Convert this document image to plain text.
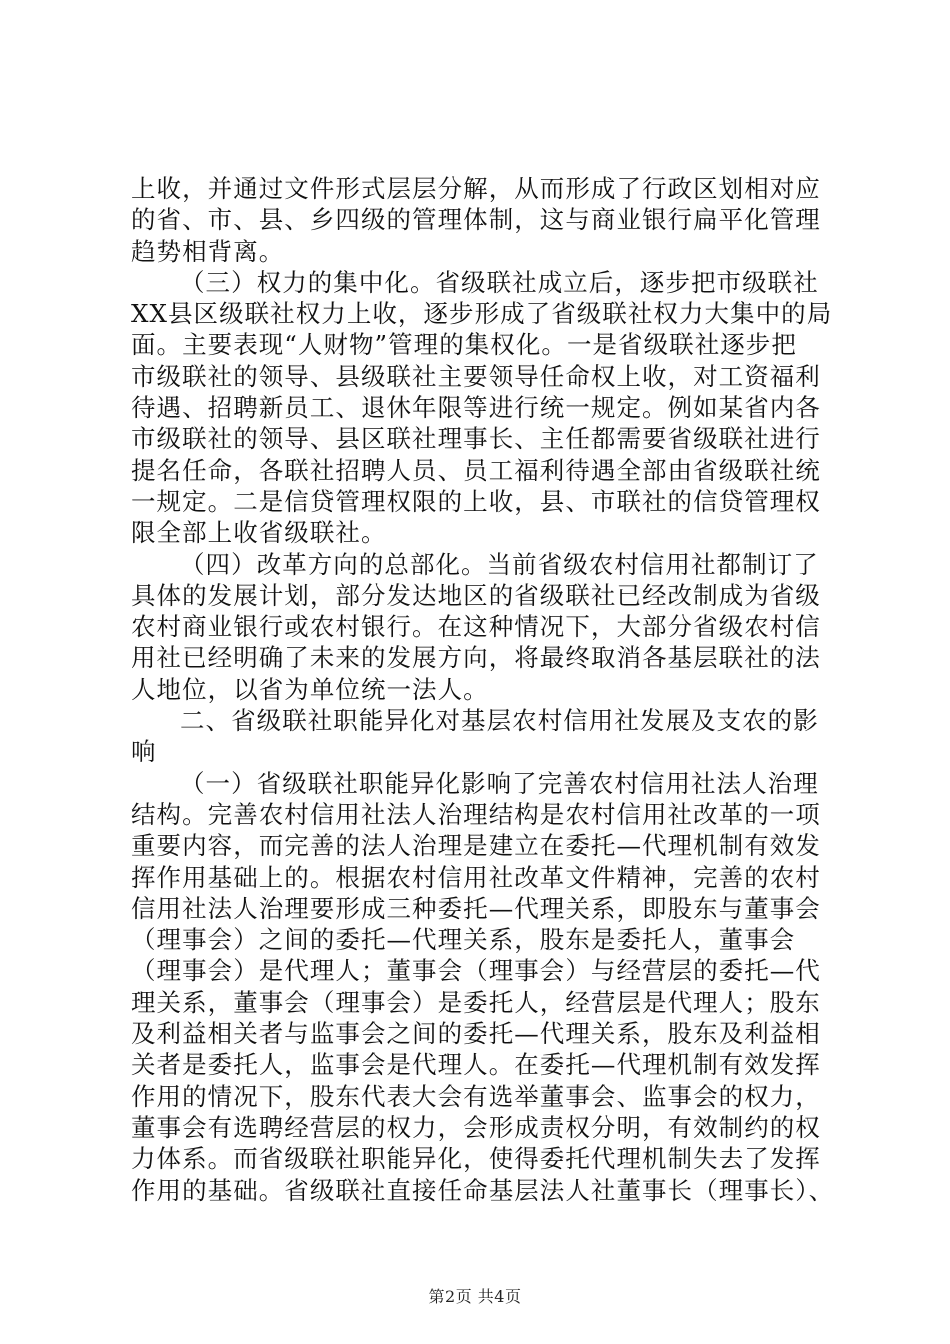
上收，并通过文件形式层层分解，从而形成了行政区划相对应
的省、市、县、乡四级的管理体制，这与商业银行扁平化管理
趋势相背离。
（三）权力的集中化。省级联社成立后，逐步把市级联社
XX县区级联社权力上收，逐步形成了省级联社权力大集中的局
面。主要表现“人财物”管理的集权化。一是省级联社逐步把
市级联社的领导、县级联社主要领导任命权上收，对工资福利
待遇、招聘新员工、退休年限等进行统一规定。例如某省内各
市级联社的领导、县区联社理事长、主任都需要省级联社进行
提名任命，各联社招聘人员、员工福利待遇全部由省级联社统
一规定。二是信贷管理权限的上收，县、市联社的信贷管理权
限全部上收省级联社。
（四）改革方向的总部化。当前省级农村信用社都制订了
具体的发展计划，部分发达地区的省级联社已经改制成为省级
农村商业银行或农村银行。在这种情况下，大部分省级农村信
用社已经明确了未来的发展方向，将最终取消各基层联社的法
人地位，以省为单位统一法人。
二、省级联社职能异化对基层农村信用社发展及支农的影
响
（一）省级联社职能异化影响了完善农村信用社法人治理
结构。完善农村信用社法人治理结构是农村信用社改革的一项
重要内容，而完善的法人治理是建立在委托—代理机制有效发
挥作用基础上的。根据农村信用社改革文件精神，完善的农村
信用社法人治理要形成三种委托—代理关系，即股东与董事会
（理事会）之间的委托—代理关系，股东是委托人，董事会
（理事会）是代理人；董事会（理事会）与经营层的委托—代
理关系，董事会（理事会）是委托人，经营层是代理人；股东
及利益相关者与监事会之间的委托—代理关系，股东及利益相
关者是委托人，监事会是代理人。在委托—代理机制有效发挥
作用的情况下，股东代表大会有选举董事会、监事会的权力，
董事会有选聘经营层的权力，会形成责权分明，有效制约的权
力体系。而省级联社职能异化，使得委托代理机制失去了发挥
作用的基础。省级联社直接任命基层法人社董事长（理事长）、
第2页 共4页
